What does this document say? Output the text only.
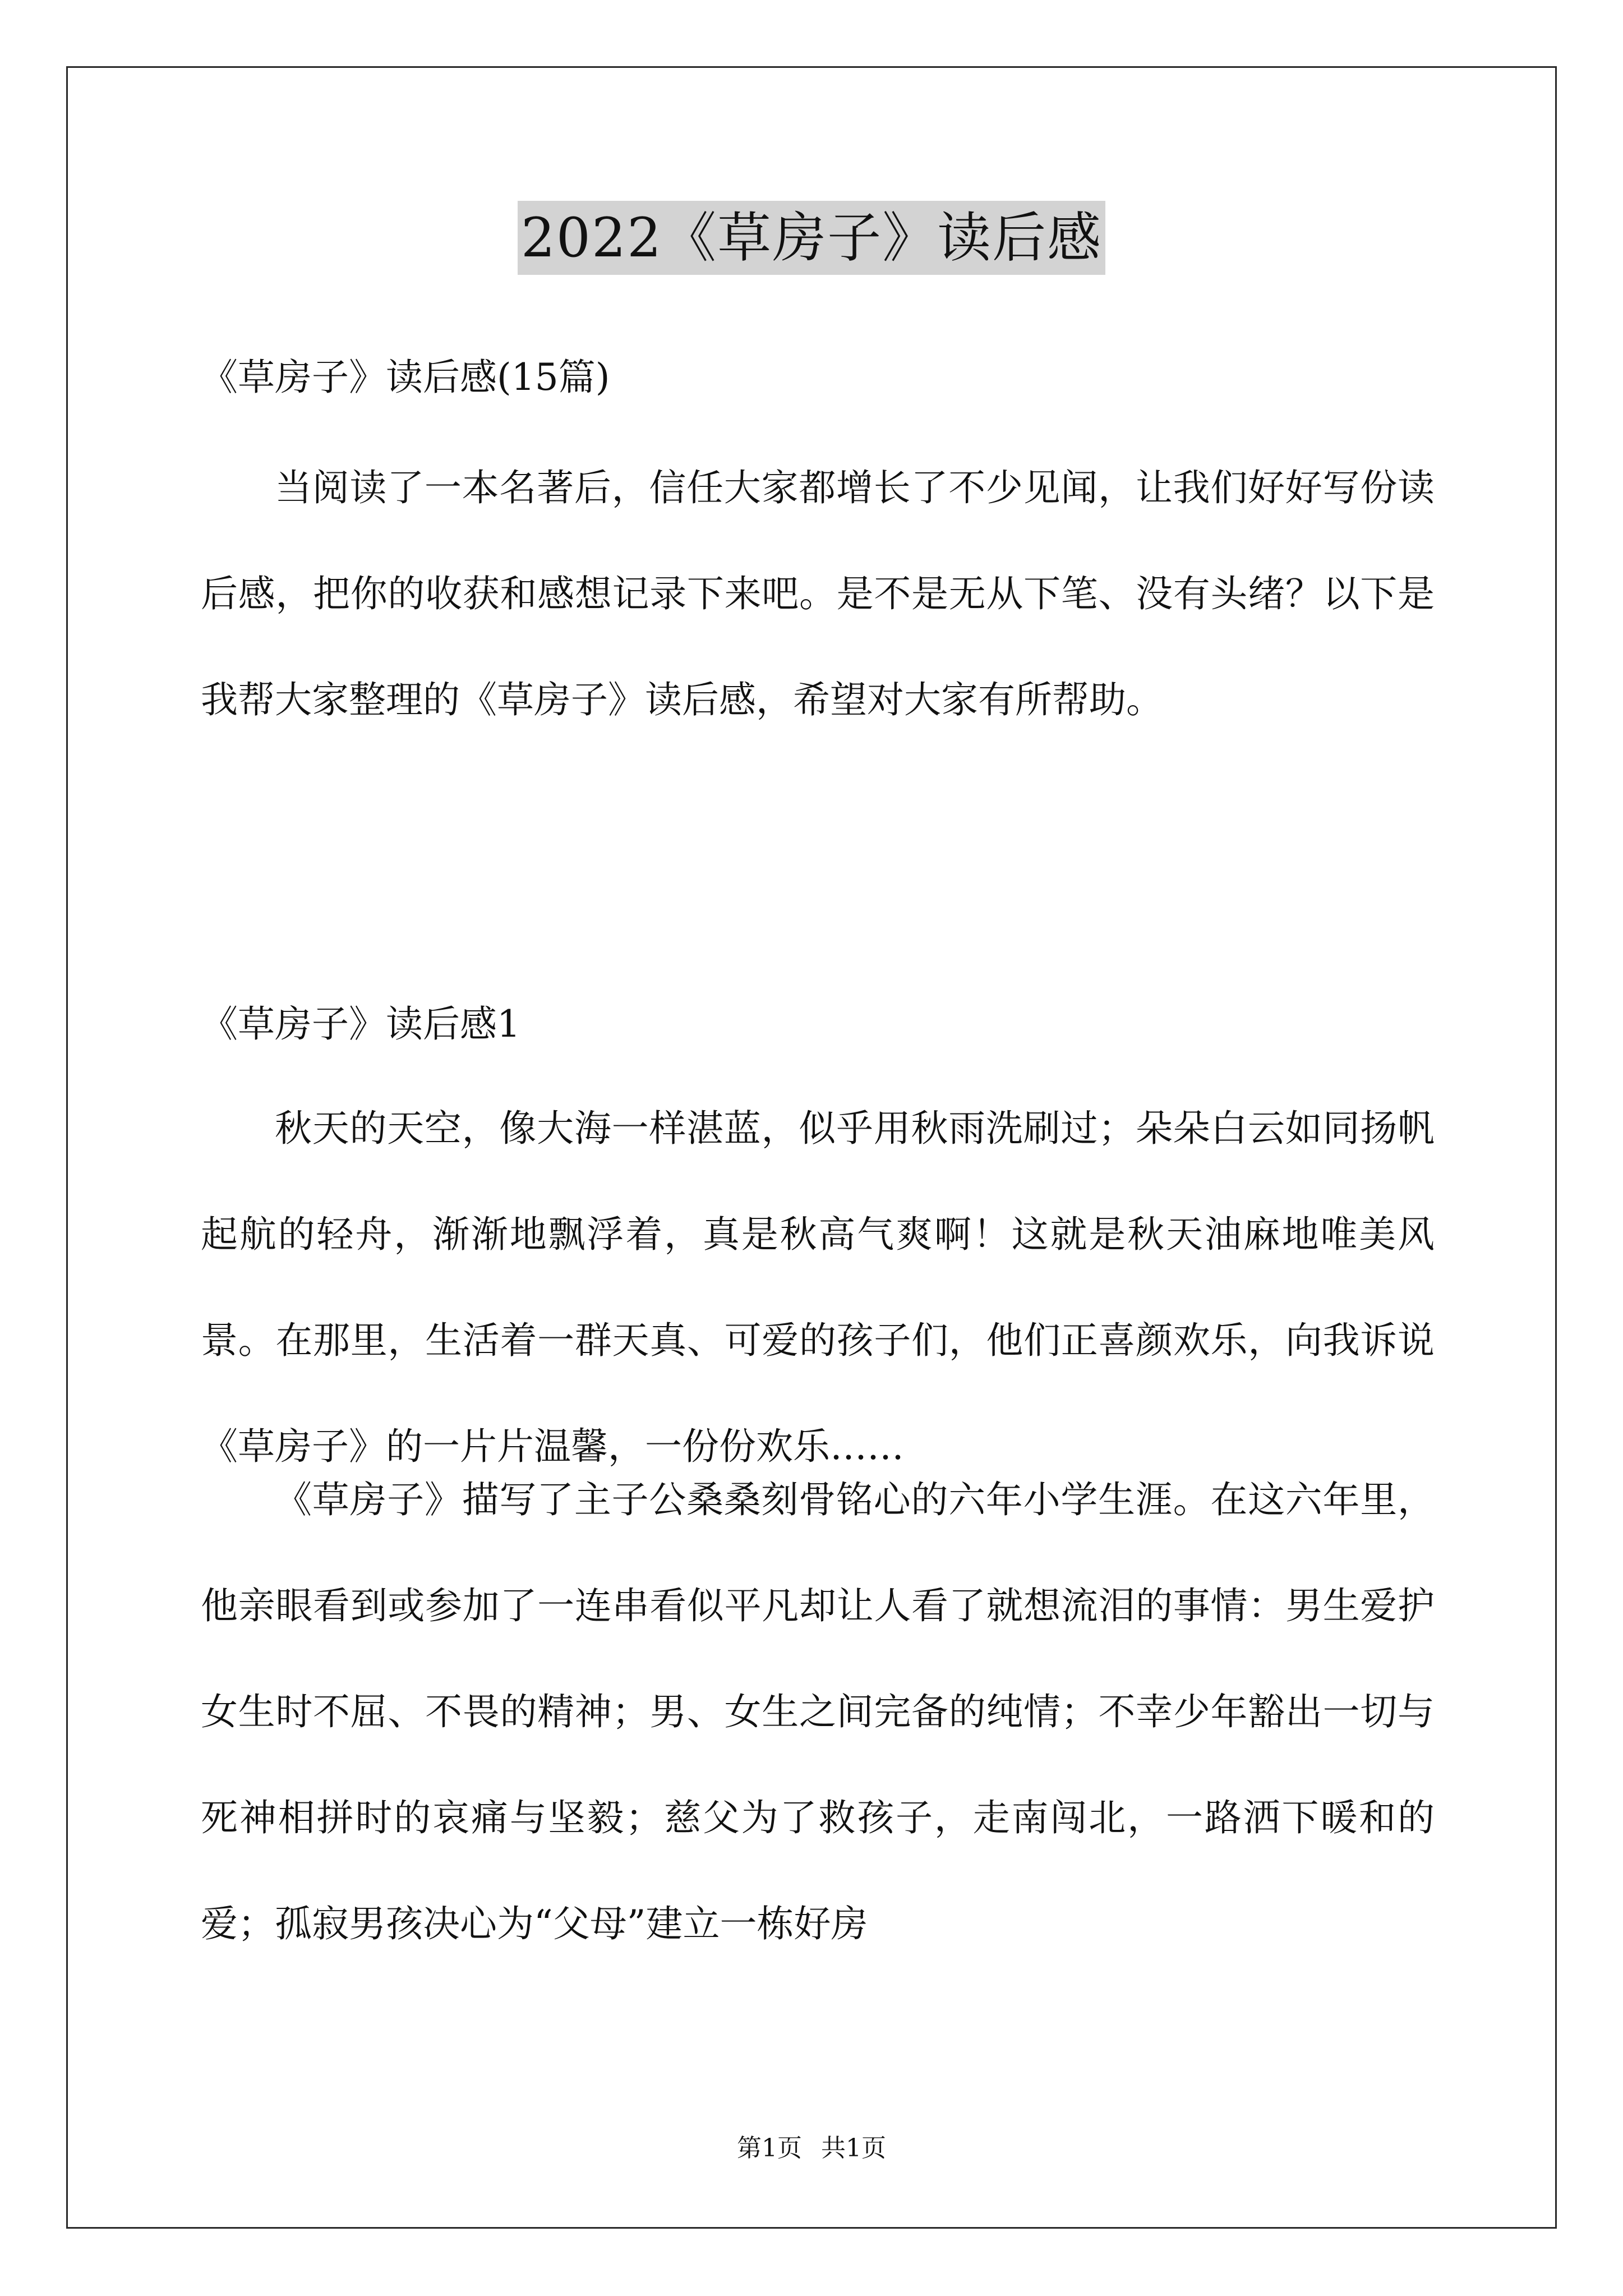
2022《草房子》读后感
《草房子》读后感(15篇)

当阅读了一本名著后，信任大家都增长了不少见闻，让我们好好写份读后感，把你的收获和感想记录下来吧。是不是无从下笔、没有头绪？以下是我帮大家整理的《草房子》读后感，希望对大家有所帮助。

《草房子》读后感1

秋天的天空，像大海一样湛蓝，似乎用秋雨洗刷过；朵朵白云如同扬帆起航的轻舟，渐渐地飘浮着，真是秋高气爽啊！这就是秋天油麻地唯美风景。在那里，生活着一群天真、可爱的孩子们，他们正喜颜欢乐，向我诉说《草房子》的一片片温馨，一份份欢乐……

《草房子》描写了主子公桑桑刻骨铭心的六年小学生涯。在这六年里，他亲眼看到或参加了一连串看似平凡却让人看了就想流泪的事情：男生爱护女生时不屈、不畏的精神；男、女生之间完备的纯情；不幸少年豁出一切与死神相拼时的哀痛与坚毅；慈父为了救孩子，走南闯北，一路洒下暖和的爱；孤寂男孩决心为“父母”建立一栋好房

第1页 共1页
